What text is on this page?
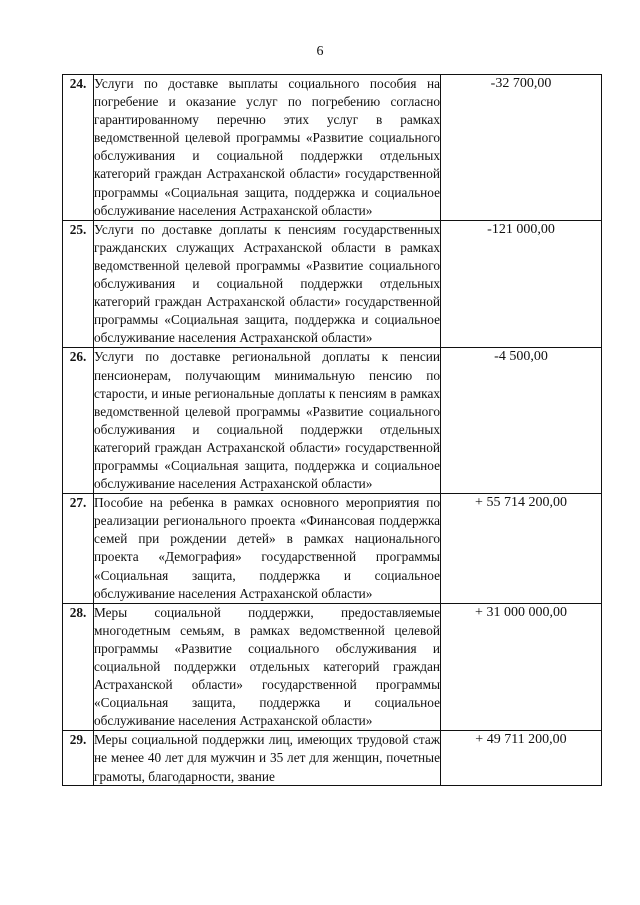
6
24.	Услуги по доставке выплаты социального пособия на погребение и оказание услуг по погребению согласно гарантированному перечню этих услуг в рамках ведомственной целевой программы «Развитие социального обслуживания и социальной поддержки отдельных категорий граждан Астраханской области» государственной программы «Социальная защита, поддержка и социальное обслуживание населения Астраханской области»	-32 700,00
25.	Услуги по доставке доплаты к пенсиям государственных гражданских служащих Астраханской области в рамках ведомственной целевой программы «Развитие социального обслуживания и социальной поддержки отдельных категорий граждан Астраханской области» государственной программы «Социальная защита, поддержка и социальное обслуживание населения Астраханской области»	-121 000,00
26.	Услуги по доставке региональной доплаты к пенсии пенсионерам, получающим минимальную пенсию по старости, и иные региональные доплаты к пенсиям в рамках ведомственной целевой программы «Развитие социального обслуживания и социальной поддержки отдельных категорий граждан Астраханской области» государственной программы «Социальная защита, поддержка и социальное обслуживание населения Астраханской области»	-4 500,00
27.	Пособие на ребенка в рамках основного мероприятия по реализации регионального проекта «Финансовая поддержка семей при рождении детей» в рамках национального проекта «Демография» государственной программы «Социальная защита, поддержка и социальное обслуживание населения Астраханской области»	+ 55 714 200,00
28.	Меры социальной поддержки, предоставляемые многодетным семьям, в рамках ведомственной целевой программы «Развитие социального обслуживания и социальной поддержки отдельных категорий граждан Астраханской области» государственной программы «Социальная защита, поддержка и социальное обслуживание населения Астраханской области»	+ 31 000 000,00
29.	Меры социальной поддержки лиц, имеющих трудовой стаж не менее 40 лет для мужчин и 35 лет для женщин, почетные грамоты, благодарности, звание	+ 49 711 200,00
